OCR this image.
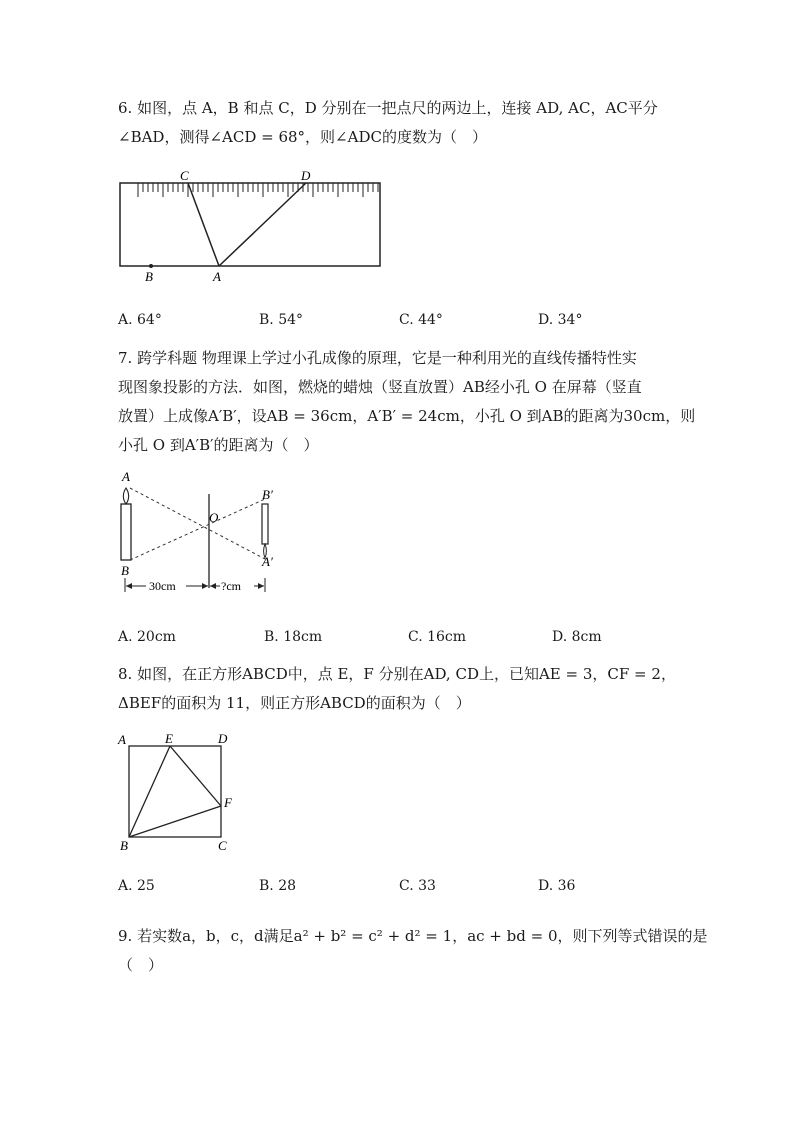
6. 如图，点 A，B 和点 C，D 分别在一把点尺的两边上，连接 AD, AC，AC平分
∠BAD，测得∠ACD = 68°，则∠ADC的度数为（　）
C	D
B	A
A. 64°	B. 54°	C. 44°	D. 34°
7. 跨学科题 物理课上学过小孔成像的原理，它是一种利用光的直线传播特性实
现图象投影的方法．如图，燃烧的蜡烛（竖直放置）AB经小孔 O 在屏幕（竖直
放置）上成像A′B′，设AB = 36cm，A′B′ = 24cm，小孔 O 到AB的距离为30cm，则
小孔 O 到A′B′的距离为（　）
A
B
O
B′
A′
30cm	?cm
A. 20cm	B. 18cm	C. 16cm	D. 8cm
8. 如图，在正方形ABCD中，点 E，F 分别在AD, CD上，已知AE = 3，CF = 2，
ΔBEF的面积为 11，则正方形ABCD的面积为（　）
A	E	D
F
B	C
A. 25	B. 28	C. 33	D. 36
9. 若实数a，b，c，d满足a² + b² = c² + d² = 1，ac + bd = 0，则下列等式错误的是
（　）
